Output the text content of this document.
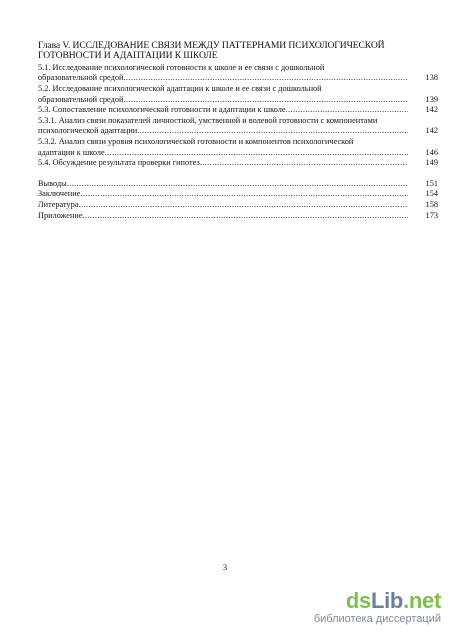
Глава V. ИССЛЕДОВАНИЕ СВЯЗИ МЕЖДУ ПАТТЕРНАМИ ПСИХОЛОГИЧЕСКОЙ ГОТОВНОСТИ И АДАПТАЦИИ К ШКОЛЕ
5.1. Исследование психологической готовности к школе и ее связи с дошкольной
образовательной средой .....	138
5.2. Исследование психологической адаптации к школе и ее связи с дошкольной
образовательной средой .....	139
5.3. Сопоставление психологической готовности и адаптации к школе .....	142
5.3.1. Анализ связи показателей личностной, умственной и волевой готовности с компонентами
психологической адаптации .....	142
5.3.2. Анализ связи уровня психологической готовности и компонентов психологической
адаптации к школе .....	146
5.4. Обсуждение результата проверки гипотез .....	149
Выводы .....	151
Заключение .....	154
Литература .....	158
Приложение .....	173
3
dsLib.net
библиотека диссертаций
